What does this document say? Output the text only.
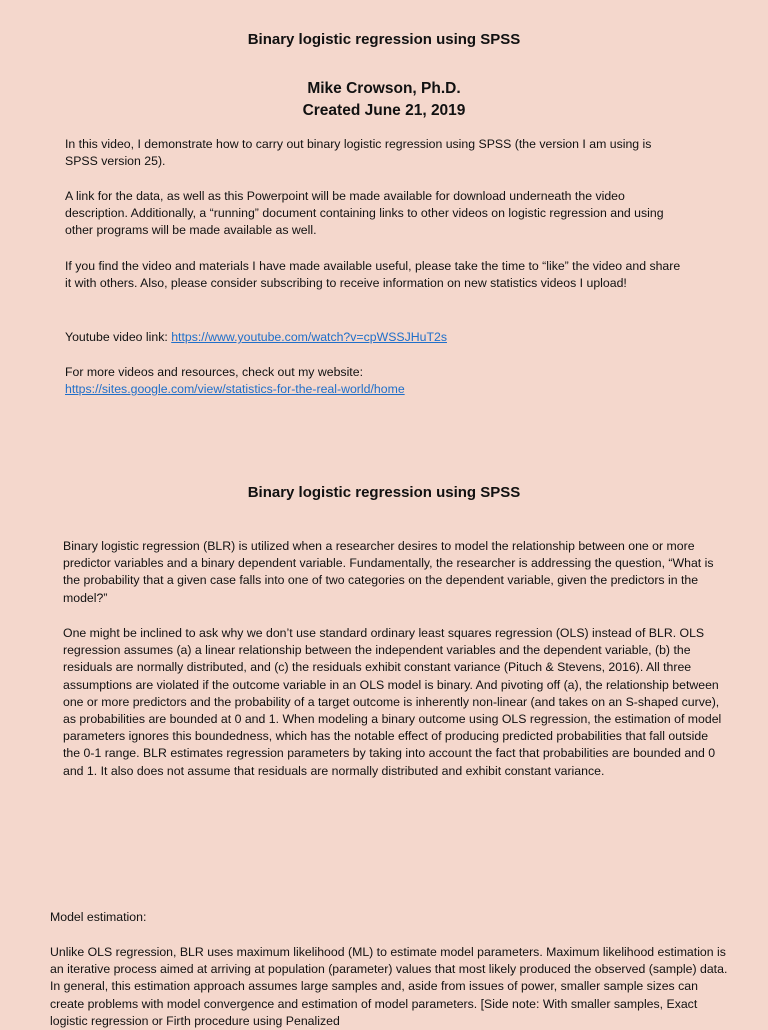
Binary logistic regression using SPSS
Mike Crowson, Ph.D.
Created June 21, 2019

In this video, I demonstrate how to carry out binary logistic regression using SPSS (the version I am using is SPSS version 25).

A link for the data, as well as this Powerpoint will be made available for download underneath the video description. Additionally, a “running” document containing links to other videos on logistic regression and using other programs will be made available as well.

If you find the video and materials I have made available useful, please take the time to “like” the video and share it with others. Also, please consider subscribing to receive information on new statistics videos I upload!

Youtube video link: https://www.youtube.com/watch?v=cpWSSJHuT2s

For more videos and resources, check out my website:
https://sites.google.com/view/statistics-for-the-real-world/home

Binary logistic regression using SPSS

Binary logistic regression (BLR) is utilized when a researcher desires to model the relationship between one or more predictor variables and a binary dependent variable. Fundamentally, the researcher is addressing the question, “What is the probability that a given case falls into one of two categories on the dependent variable, given the predictors in the model?”

One might be inclined to ask why we don’t use standard ordinary least squares regression (OLS) instead of BLR. OLS regression assumes (a) a linear relationship between the independent variables and the dependent variable, (b) the residuals are normally distributed, and (c) the residuals exhibit constant variance (Pituch & Stevens, 2016). All three assumptions are violated if the outcome variable in an OLS model is binary. And pivoting off (a), the relationship between one or more predictors and the probability of a target outcome is inherently non-linear (and takes on an S-shaped curve), as probabilities are bounded at 0 and 1. When modeling a binary outcome using OLS regression, the estimation of model parameters ignores this boundedness, which has the notable effect of producing predicted probabilities that fall outside the 0-1 range. BLR estimates regression parameters by taking into account the fact that probabilities are bounded and 0 and 1. It also does not assume that residuals are normally distributed and exhibit constant variance.

Model estimation:

Unlike OLS regression, BLR uses maximum likelihood (ML) to estimate model parameters. Maximum likelihood estimation is an iterative process aimed at arriving at population (parameter) values that most likely produced the observed (sample) data. In general, this estimation approach assumes large samples and, aside from issues of power, smaller sample sizes can create problems with model convergence and estimation of model parameters. [Side note: With smaller samples, Exact logistic regression or Firth procedure using Penalized
